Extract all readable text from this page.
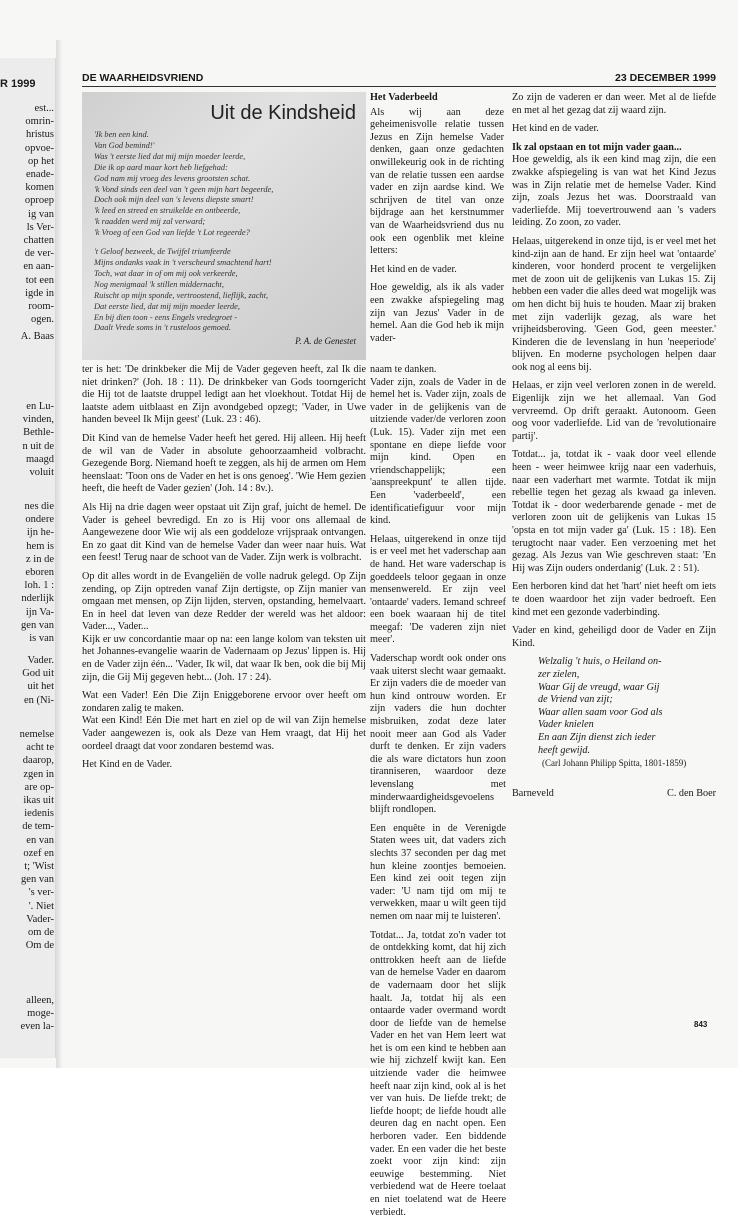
R 1999
est...
omrin-
hristus
opvoe-
op het
enade-
komen
oproep
ig van
ls Ver-
chatten
de ver-
en aan-
tot een
igde in
room-
ogen.
A. Baas
en Lu-
vinden,
Bethle-
n uit de
maagd
voluit
nes die
ondere
ijn he-
hem is
z in de
eboren
loh. 1 :
nderlijk
ijn Va-
gen van
is van
Vader.
God uit
uit het
en (Ni-
nemelse
acht te
daarop,
zgen in
are op-
ikas uit
iedenis
de tem-
en van
ozef en
t; 'Wist
gen van
's ver-
'. Niet
Vader-
om de
Om de
alleen,
moge-
even la-
DE WAARHEIDSVRIEND	23 DECEMBER 1999
Uit de Kindsheid
'Ik ben een kind.
Van God bemind!'
Was 't eerste lied dat mij mijn moeder leerde,
Die ik op aard maar kort heb liefgehad:
God nam mij vroeg des levens grootsten schat.
'k Vond sinds een deel van 't geen mijn hart begeerde,
Doch ook mijn deel van 's levens diepste smart!
'k leed en streed en struikelde en ontbeerde,
'k raadden werd mij zal verward;
'k Vroeg of een God van liefde 't Lot regeerde?
't Geloof bezweek, de Twijfel triumfeerde
Mijns ondanks vaak in 't verscheurd smachtend hart!
Toch, wat daar in of om mij ook verkeerde,
Nog menigmaal 'k stillen middernacht,
Ruischt op mijn sponde, vertroostend, lieflijk, zacht,
Dat eerste lied, dat mij mijn moeder leerde,
En bij dien toon - eens Engels vredegroet -
Daalt Vrede soms in 't rusteloos gemoed.
P. A. de Genestet

Het Vaderbeeld

Als wij aan deze geheimenisvolle relatie tussen Jezus en Zijn hemelse Vader denken, gaan onze gedachten onwillekeurig ook in de richting van de relatie tussen een aardse vader en zijn aardse kind. We schrijven de titel van onze bijdrage aan het kerstnummer van de Waarheidsvriend dus nu ook een ogenblik met kleine letters:

Het kind en de vader.

Hoe geweldig, als ik als vader een zwakke afspiegeling mag zijn van Jezus' Vader in de hemel. Aan die God heb ik mijn vader-

ter is het: 'De drinkbeker die Mij de Vader gegeven heeft, zal Ik die niet drinken?' (Joh. 18 : 11). De drinkbeker van Gods toorngericht die Hij tot de laatste druppel ledigt aan het vloekhout. Totdat Hij de laatste adem uitblaast en Zijn avondgebed opzegt; 'Vader, in Uwe handen beveel Ik Mijn geest' (Luk. 23 : 46).

Dit Kind van de hemelse Vader heeft het gered. Hij alleen. Hij heeft de wil van de Vader in absolute gehoorzaamheid volbracht. Gezegende Borg. Niemand hoeft te zeggen, als hij de armen om Hem heenslaat: 'Toon ons de Vader en het is ons genoeg'. 'Wie Hem gezien heeft, die heeft de Vader gezien' (Joh. 14 : 8v.).

Als Hij na drie dagen weer opstaat uit Zijn graf, juicht de hemel. De Vader is geheel bevredigd. En zo is Hij voor ons allemaal de Aangewezene door Wie wij als een goddeloze vrijspraak ontvangen. En zo gaat dit Kind van de hemelse Vader dan weer naar huis. Wat een feest! Terug naar de schoot van de Vader. Zijn werk is volbracht.

Op dit alles wordt in de Evangeliën de volle nadruk gelegd. Op Zijn zending, op Zijn optreden vanaf Zijn dertigste, op Zijn manier van omgaan met mensen, op Zijn lijden, sterven, opstanding, hemelvaart. En in heel dat leven van deze Redder der wereld was het aldoor: Vader..., Vader...

Kijk er uw concordantie maar op na: een lange kolom van teksten uit het Johannes-evangelie waarin de Vadernaam op Jezus' lippen is. Hij en de Vader zijn één... 'Vader, Ik wil, dat waar Ik ben, ook die bij Mij zijn, die Gij Mij gegeven hebt... (Joh. 17 : 24).

Wat een Vader! Eén Die Zijn Eniggeborene ervoor over heeft om zondaren zalig te maken.

Wat een Kind! Eén Die met hart en ziel op de wil van Zijn hemelse Vader aangewezen is, ook als Deze van Hem vraagt, dat Hij het oordeel draagt dat voor zondaren bestemd was.

Het Kind en de Vader.

naam te danken.

Vader zijn, zoals de Vader in de hemel het is. Vader zijn, zoals de vader in de gelijkenis van de uitziende vader/de verloren zoon (Luk. 15). Vader zijn met een spontane en diepe liefde voor mijn kind. Open en vriendschappelijk; een 'aanspreekpunt' te allen tijde. Een 'vaderbeeld', een identificatiefiguur voor mijn kind.

Helaas, uitgerekend in onze tijd is er veel met het vaderschap aan de hand. Het ware vaderschap is goeddeels teloor gegaan in onze mensenwereld. Er zijn veel 'ontaarde' vaders. Iemand schreef een boek waaraan hij de titel meegaf: 'De vaderen zijn niet meer'.

Vaderschap wordt ook onder ons vaak uiterst slecht waar gemaakt. Er zijn vaders die de moeder van hun kind ontrouw worden. Er zijn vaders die hun dochter misbruiken, zodat deze later nooit meer aan God als Vader durft te denken. Er zijn vaders die als ware dictators hun zoon tiranniseren, waardoor deze levenslang met minderwaardigheidsgevoelens blijft rondlopen.

Een enquête in de Verenigde Staten wees uit, dat vaders zich slechts 37 seconden per dag met hun kleine zoontjes bemoeien. Een kind zei ooit tegen zijn vader: 'U nam tijd om mij te verwekken, maar u wilt geen tijd nemen om naar mij te luisteren'.

Totdat... Ja, totdat zo'n vader tot de ontdekking komt, dat hij zich onttrokken heeft aan de liefde van de hemelse Vader en daarom de vadernaam door het slijk haalt. Ja, totdat hij als een ontaarde vader overmand wordt door de liefde van de hemelse Vader en het van Hem leert wat het is om een kind te hebben aan wie hij zichzelf kwijt kan. Een uitziende vader die heimwee heeft naar zijn kind, ook al is het ver van huis. De liefde trekt; de liefde hoopt; de liefde houdt alle deuren dag en nacht open. Een herboren vader. Een biddende vader. En een vader die het beste zoekt voor zijn kind: zijn eeuwige bestemming. Niet verbiedend wat de Heere toelaat en niet toelatend wat de Heere verbiedt.

Zo zijn de vaderen er dan weer. Met al de liefde en met al het gezag dat zij waard zijn.

Het kind en de vader.

Ik zal opstaan en tot mijn vader gaan...

Hoe geweldig, als ik een kind mag zijn, die een zwakke afspiegeling is van wat het Kind Jezus was in Zijn relatie met de hemelse Vader. Kind zijn, zoals Jezus het was. Doorstraald van vaderliefde. Mij toevertrouwend aan 's vaders leiding. Zo zoon, zo vader.

Helaas, uitgerekend in onze tijd, is er veel met het kind-zijn aan de hand. Er zijn heel wat 'ontaarde' kinderen, voor honderd procent te vergelijken met de zoon uit de gelijkenis van Lukas 15. Zij hebben een vader die alles deed wat mogelijk was om hen dicht bij huis te houden. Maar zij braken met zijn vaderlijk gezag, als ware het vrijheidsberoving. 'Geen God, geen meester.' Kinderen die de levenslang in hun 'neeperiode' blijven. En moderne psychologen helpen daar ook nog al eens bij.

Helaas, er zijn veel verloren zonen in de wereld. Eigenlijk zijn we het allemaal. Van God vervreemd. Op drift geraakt. Autonoom. Geen oog voor vaderliefde. Lid van de 'revolutionaire partij'.

Totdat... ja, totdat ik - vaak door veel ellende heen - weer heimwee krijg naar een vaderhuis, naar een vaderhart met warmte. Totdat ik mijn rebellie tegen het gezag als kwaad ga inleven. Totdat ik - door wederbarende genade - met de verloren zoon uit de gelijkenis van Lukas 15 'opsta en tot mijn vader ga' (Luk. 15 : 18). Een terugtocht naar vader. Een verzoening met het gezag. Als Jezus van Wie geschreven staat: 'En Hij was Zijn ouders onderdanig' (Luk. 2 : 51).

Een herboren kind dat het 'hart' niet heeft om iets te doen waardoor het zijn vader bedroeft. Een kind met een gezonde vaderbinding.

Vader en kind, geheiligd door de Vader en Zijn Kind.

Welzalig 't huis, o Heiland on-
zer zielen,
Waar Gij de vreugd, waar Gij
de Vriend van zijt;
Waar allen saam voor God als
Vader knielen
En aan Zijn dienst zich ieder
heeft gewijd.
(Carl Johann Philipp Spitta, 1801-1859)
Barneveld	C. den Boer
843
